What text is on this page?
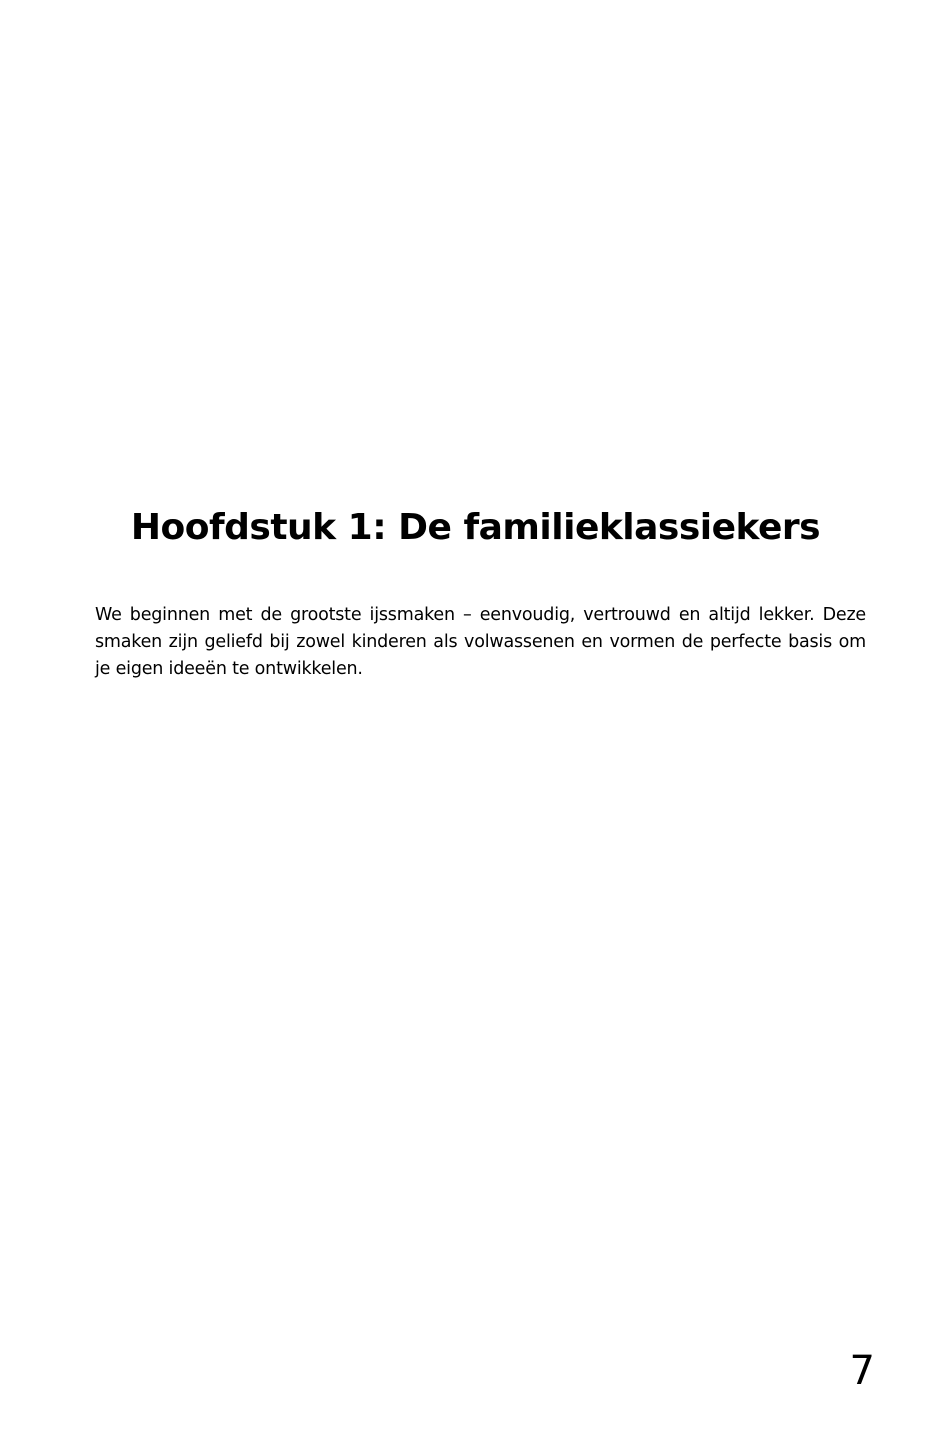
Hoofdstuk 1: De familieklassiekers

We beginnen met de grootste ijssmaken – eenvoudig, vertrouwd en altijd lekker. Deze smaken zijn geliefd bij zowel kinderen als volwassenen en vormen de perfecte basis om je eigen ideeën te ontwikkelen.

7
